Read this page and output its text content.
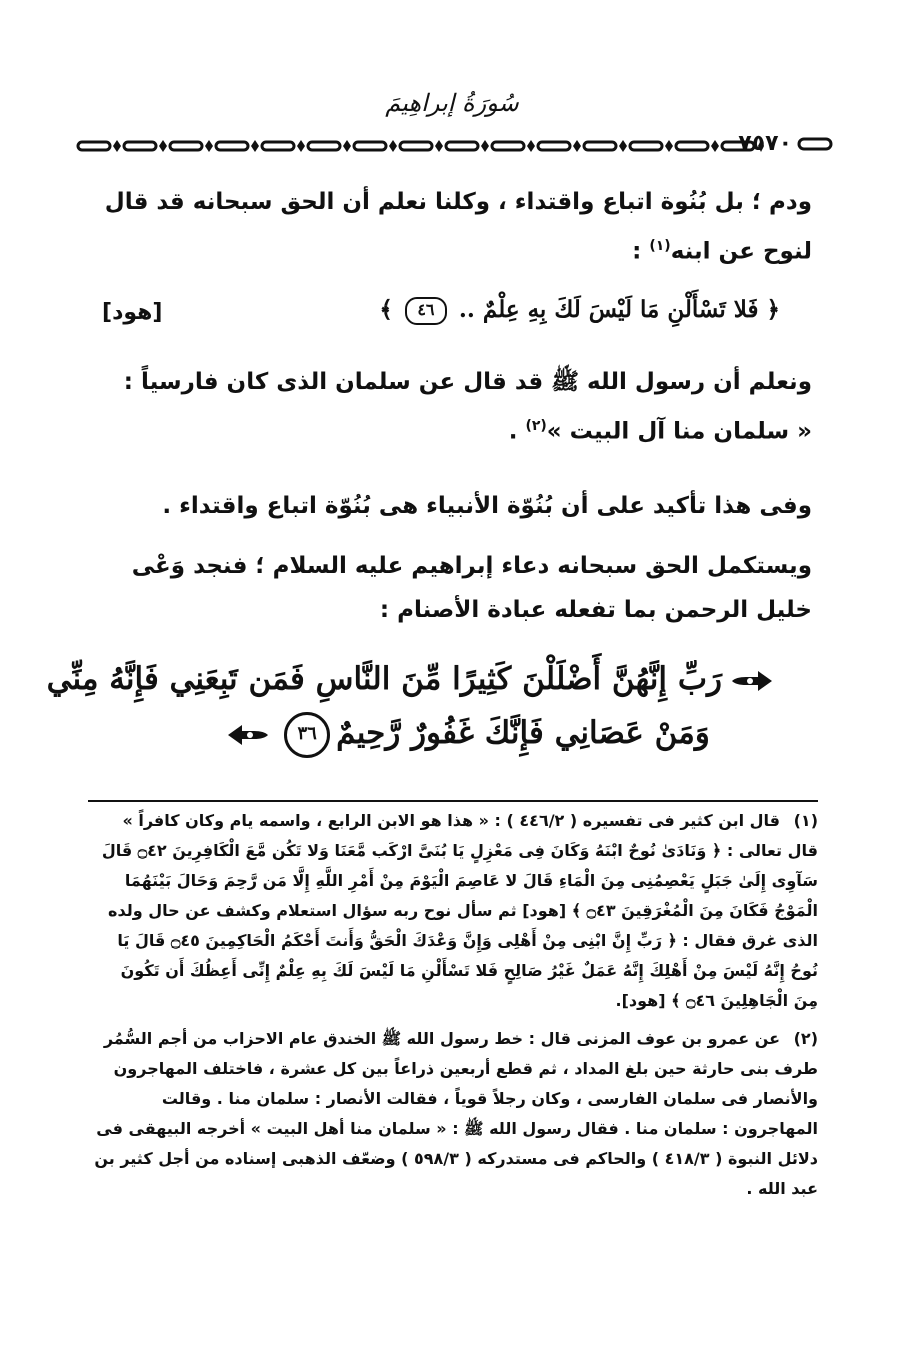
سُورَةُ إبراهِيمَ
٧٥٧٠
ودم ؛ بل بُنُوة اتباع واقتداء ، وكلنا نعلم أن الحق سبحانه قد قال لنوح عن ابنه$^{(١)}$ :
﴿ فَلا تَسْأَلْنِ مَا لَيْسَ لَكَ بِهِ عِلْمٌ .. ٤٦ ﴾
[هود]
ونعلم أن رسول الله ﷺ قد قال عن سلمان الذى كان فارسياً : « سلمان منا آل البيت »$^{(٢)}$ .
وفى هذا تأكيد على أن بُنُوّة الأنبياء هى بُنُوّة اتباع واقتداء .
ويستكمل الحق سبحانه دعاء إبراهيم عليه السلام ؛ فنجد وَعْى خليل الرحمن بما تفعله عبادة الأصنام :
رَبِّ إِنَّهُنَّ أَضْلَلْنَ كَثِيرًا مِّنَ النَّاسِ فَمَن تَبِعَنِي فَإِنَّهُ مِنِّي
وَمَنْ عَصَانِي فَإِنَّكَ غَفُورٌ رَّحِيمٌ٣٦
(١) قال ابن كثير فى تفسيره ( ٤٤٦/٢ ) : « هذا هو الابن الرابع ، واسمه يام وكان كافراً » قال تعالى : ﴿ وَنَادَىٰ نُوحٌ ابْنَهُ وَكَانَ فِى مَعْزِلٍ يَا بُنَىَّ ارْكَب مَّعَنَا وَلا تَكُن مَّعَ الْكَافِرِينَ ۝٤٢ قَالَ سَآوِى إِلَىٰ جَبَلٍ يَعْصِمُنِى مِنَ الْمَاءِ قَالَ لا عَاصِمَ الْيَوْمَ مِنْ أَمْرِ اللَّهِ إِلَّا مَن رَّحِمَ وَحَالَ بَيْنَهُمَا الْمَوْجُ فَكَانَ مِنَ الْمُغْرَقِينَ ۝٤٣ ﴾ [هود] ثم سأل نوح ربه سؤال استعلام وكشف عن حال ولده الذى غرق فقال : ﴿ رَبِّ إِنَّ ابْنِى مِنْ أَهْلِى وَإِنَّ وَعْدَكَ الْحَقُّ وَأَنتَ أَحْكَمُ الْحَاكِمِينَ ۝٤٥ قَالَ يَا نُوحُ إِنَّهُ لَيْسَ مِنْ أَهْلِكَ إِنَّهُ عَمَلٌ غَيْرُ صَالِحٍ فَلا تَسْأَلْنِ مَا لَيْسَ لَكَ بِهِ عِلْمٌ إِنِّى أَعِظُكَ أَن تَكُونَ مِنَ الْجَاهِلِينَ ۝٤٦ ﴾ [هود].
(٢) عن عمرو بن عوف المزنى قال : خط رسول الله ﷺ الخندق عام الاحزاب من أجم السُّمُر طرف بنى حارثة حين بلغ المداد ، ثم قطع أربعين ذراعاً بين كل عشرة ، فاختلف المهاجرون والأنصار فى سلمان الفارسى ، وكان رجلاً قوياً ، فقالت الأنصار : سلمان منا . وقالت المهاجرون : سلمان منا . فقال رسول الله ﷺ : « سلمان منا أهل البيت » أخرجه البيهقى فى دلائل النبوة ( ٤١٨/٣ ) والحاكم فى مستدركه ( ٥٩٨/٣ ) وضعّف الذهبى إسناده من أجل كثير بن عبد الله .
